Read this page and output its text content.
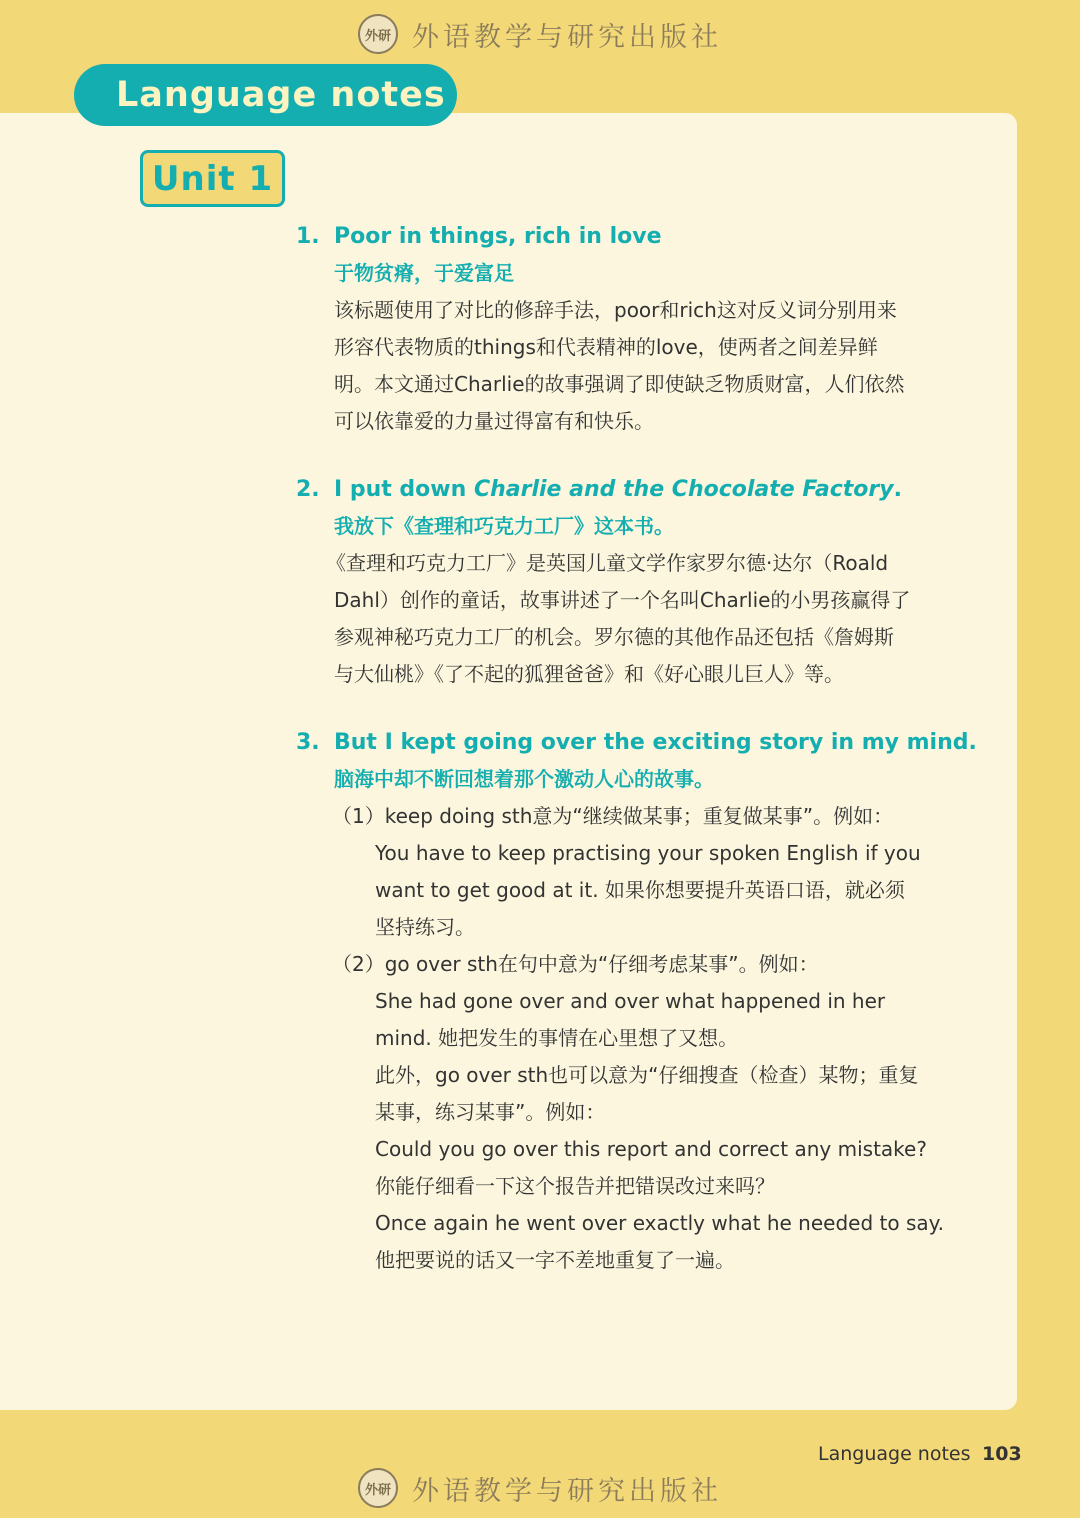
外研 外语教学与研究出版社
Language notes
Unit 1
1. Poor in things, rich in love
于物贫瘠，于爱富足
该标题使用了对比的修辞手法，poor和rich这对反义词分别用来
形容代表物质的things和代表精神的love，使两者之间差异鲜
明。本文通过Charlie的故事强调了即使缺乏物质财富，人们依然
可以依靠爱的力量过得富有和快乐。
2. I put down Charlie and the Chocolate Factory.
我放下《查理和巧克力工厂》这本书。
《查理和巧克力工厂》是英国儿童文学作家罗尔德·达尔（Roald
Dahl）创作的童话，故事讲述了一个名叫Charlie的小男孩赢得了
参观神秘巧克力工厂的机会。罗尔德的其他作品还包括《詹姆斯
与大仙桃》《了不起的狐狸爸爸》和《好心眼儿巨人》等。
3. But I kept going over the exciting story in my mind.
脑海中却不断回想着那个激动人心的故事。
（1）keep doing sth意为“继续做某事；重复做某事”。例如：
You have to keep practising your spoken English if you
want to get good at it. 如果你想要提升英语口语，就必须
坚持练习。
（2）go over sth在句中意为“仔细考虑某事”。例如：
She had gone over and over what happened in her
mind. 她把发生的事情在心里想了又想。
此外，go over sth也可以意为“仔细搜查（检查）某物；重复
某事，练习某事”。例如：
Could you go over this report and correct any mistake?
你能仔细看一下这个报告并把错误改过来吗？
Once again he went over exactly what he needed to say.
他把要说的话又一字不差地重复了一遍。
Language notes 103
外研 外语教学与研究出版社
